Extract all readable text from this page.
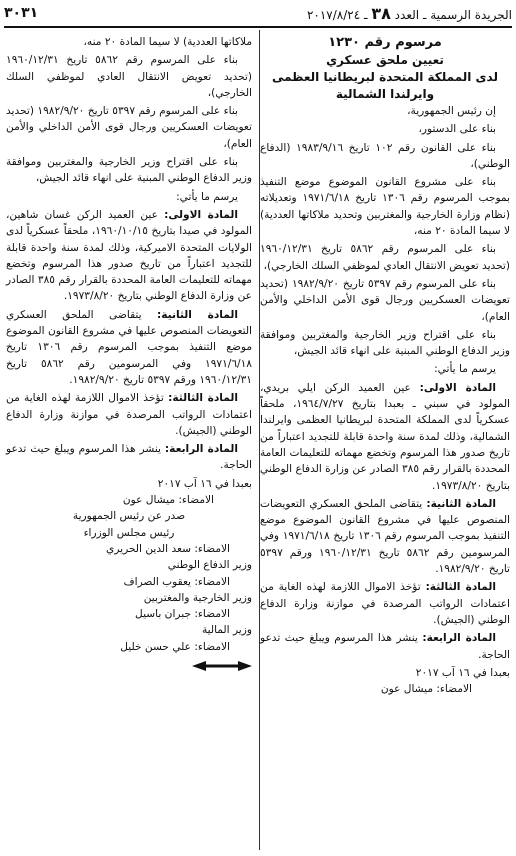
الجريدة الرسمية ـ العدد ٣٨ ـ ٢٠١٧/٨/٢٤
٣٠٣١

مرسوم رقم ١٢٣٠

تعيين ملحق عسكري

لدى المملكة المتحدة لبريطانيا العظمى وايرلندا الشمالية

إن رئيس الجمهورية،

بناء على الدستور،

بناء على القانون رقم ١٠٢ تاريخ ١٩٨٣/٩/١٦ (الدفاع الوطني)،

بناء على مشروع القانون الموضوع موضع التنفيذ بموجب المرسوم رقم ١٣٠٦ تاريخ ١٩٧١/٦/١٨ وتعديلاته (نظام وزارة الخارجية والمغتربين وتحديد ملاكاتها العددية) لا سيما المادة ٢٠ منه،

بناء على المرسوم رقم ٥٨٦٢ تاريخ ١٩٦٠/١٢/٣١ (تحديد تعويض الانتقال العادي لموظفي السلك الخارجي)،

بناء على المرسوم رقم ٥٣٩٧ تاريخ ١٩٨٢/٩/٢٠ (تحديد تعويضات العسكريين ورجال قوى الأمن الداخلي والأمن العام)،

بناء على اقتراح وزير الخارجية والمغتربين وموافقة وزير الدفاع الوطني المبنية على انهاء قائد الجيش،

يرسم ما يأتي:

المادة الاولى: عين العميد الركن ايلي بريدي، المولود في سبني ـ بعبدا بتاريخ ١٩٦٤/٧/٢٧، ملحقاً عسكرياً لدى المملكة المتحدة لبريطانيا العظمى وايرلندا الشمالية، وذلك لمدة سنة واحدة قابلة للتجديد اعتباراً من تاريخ صدور هذا المرسوم وتخضع مهماته للتعليمات العامة المحددة بالقرار رقم ٣٨٥ الصادر عن وزارة الدفاع الوطني بتاريخ ١٩٧٣/٨/٢٠.

المادة الثانية: يتقاضى الملحق العسكري التعويضات المنصوص عليها في مشروع القانون الموضوع موضع التنفيذ بموجب المرسوم رقم ١٣٠٦ تاريخ ١٩٧١/٦/١٨ وفي المرسومين رقم ٥٨٦٢ تاريخ ١٩٦٠/١٢/٣١ ورقم ٥٣٩٧ تاريخ ١٩٨٢/٩/٢٠.

المادة الثالثة: تؤخذ الاموال اللازمة لهذه الغاية من اعتمادات الرواتب المرصدة في موازنة وزارة الدفاع الوطني (الجيش).

المادة الرابعة: ينشر هذا المرسوم ويبلغ حيث تدعو الحاجة.

بعبدا في ١٦ آب ٢٠١٧

الامضاء: ميشال عون

ملاكاتها العددية) لا سيما المادة ٢٠ منه،

بناء على المرسوم رقم ٥٨٦٢ تاريخ ١٩٦٠/١٢/٣١ (تحديد تعويض الانتقال العادي لموظفي السلك الخارجي)،

بناء على المرسوم رقم ٥٣٩٧ تاريخ ١٩٨٢/٩/٢٠ (تحديد تعويضات العسكريين ورجال قوى الأمن الداخلي والأمن العام)،

بناء على اقتراح وزير الخارجية والمغتربين وموافقة وزير الدفاع الوطني المبنية على انهاء قائد الجيش،

يرسم ما يأتي:

المادة الاولى: عين العميد الركن غسان شاهين، المولود في صيدا بتاريخ ١٩٦٠/١٠/١٥، ملحقاً عسكرياً لدى الولايات المتحدة الاميركية، وذلك لمدة سنة واحدة قابلة للتجديد اعتباراً من تاريخ صدور هذا المرسوم وتخضع مهماته للتعليمات العامة المحددة بالقرار رقم ٣٨٥ الصادر عن وزارة الدفاع الوطني بتاريخ ١٩٧٣/٨/٢٠.

المادة الثانية: يتقاضى الملحق العسكري التعويضات المنصوص عليها في مشروع القانون الموضوع موضع التنفيذ بموجب المرسوم رقم ١٣٠٦ تاريخ ١٩٧١/٦/١٨ وفي المرسومين رقم ٥٨٦٢ تاريخ ١٩٦٠/١٢/٣١ ورقم ٥٣٩٧ تاريخ ١٩٨٢/٩/٢٠.

المادة الثالثة: تؤخذ الاموال اللازمة لهذه الغاية من اعتمادات الرواتب المرصدة في موازنة وزارة الدفاع الوطني (الجيش).

المادة الرابعة: ينشر هذا المرسوم ويبلغ حيث تدعو الحاجة.

بعبدا في ١٦ آب ٢٠١٧

الامضاء: ميشال عون

صدر عن رئيس الجمهورية

رئيس مجلس الوزراء

الامضاء: سعد الدين الحريري

وزير الدفاع الوطني

الامضاء: يعقوب الصراف

وزير الخارجية والمغتربين

الامضاء: جبران باسيل

وزير المالية

الامضاء: علي حسن خليل
